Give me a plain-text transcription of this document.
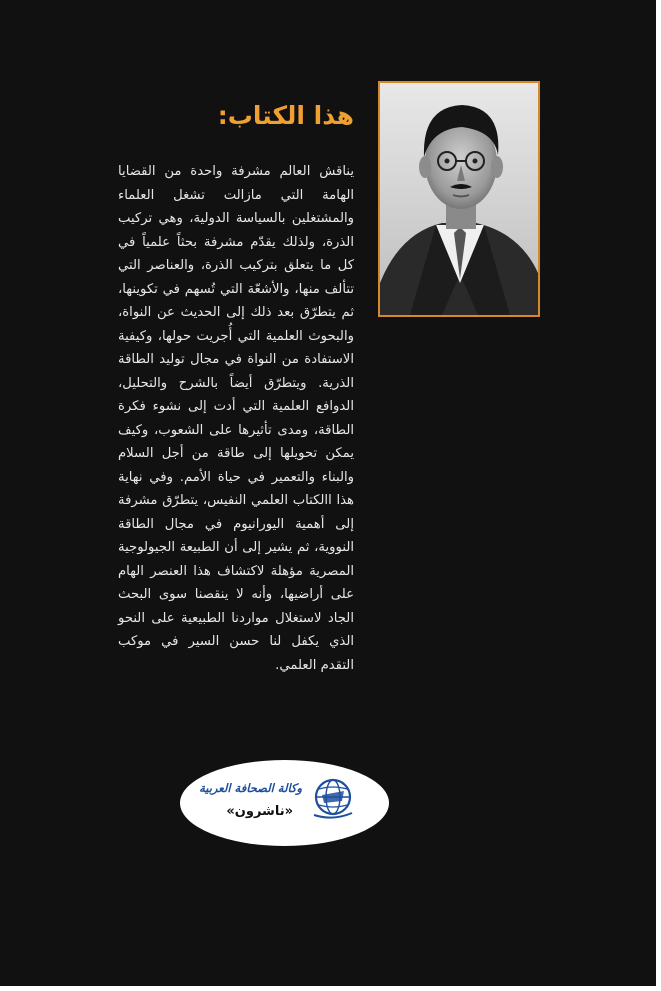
هذا الكتاب:

يناقش العالم مشرفة واحدة من القضايا الهامة التي مازالت تشغل العلماء والمشتغلين بالسياسة الدولية، وهي تركيب الذرة، ولذلك يقدّم مشرفة بحثاً علمياً في كل ما يتعلق بتركيب الذرة، والعناصر التي تتألف منها، والأشعّة التي تُسهم في تكوينها، ثم يتطرّق بعد ذلك إلى الحديث عن النواة، والبحوث العلمية التي أُجريت حولها، وكيفية الاستفادة من النواة في مجال توليد الطاقة الذرية. ويتطرّق أيضاً بالشرح والتحليل، الدوافع العلمية التي أدت إلى نشوء فكرة الطاقة، ومدى تأثيرها على الشعوب، وكيف يمكن تحويلها إلى طاقة من أجل السلام والبناء والتعمير في حياة الأمم. وفي نهاية هذا االكتاب العلمي النفيس، يتطرّق مشرفة إلى أهمية اليورانيوم في مجال الطاقة النووية، ثم يشير إلى أن الطبيعة الجيولوجية المصرية مؤهلة لاكتشاف هذا العنصر الهام على أراضيها، وأنه لا ينقصنا سوى البحث الجاد لاستغلال مواردنا الطبيعية على النحو الذي يكفل لنا حسن السير في موكب التقدم العلمي.

وكالة الصحافة العربية
«ناشرون»
